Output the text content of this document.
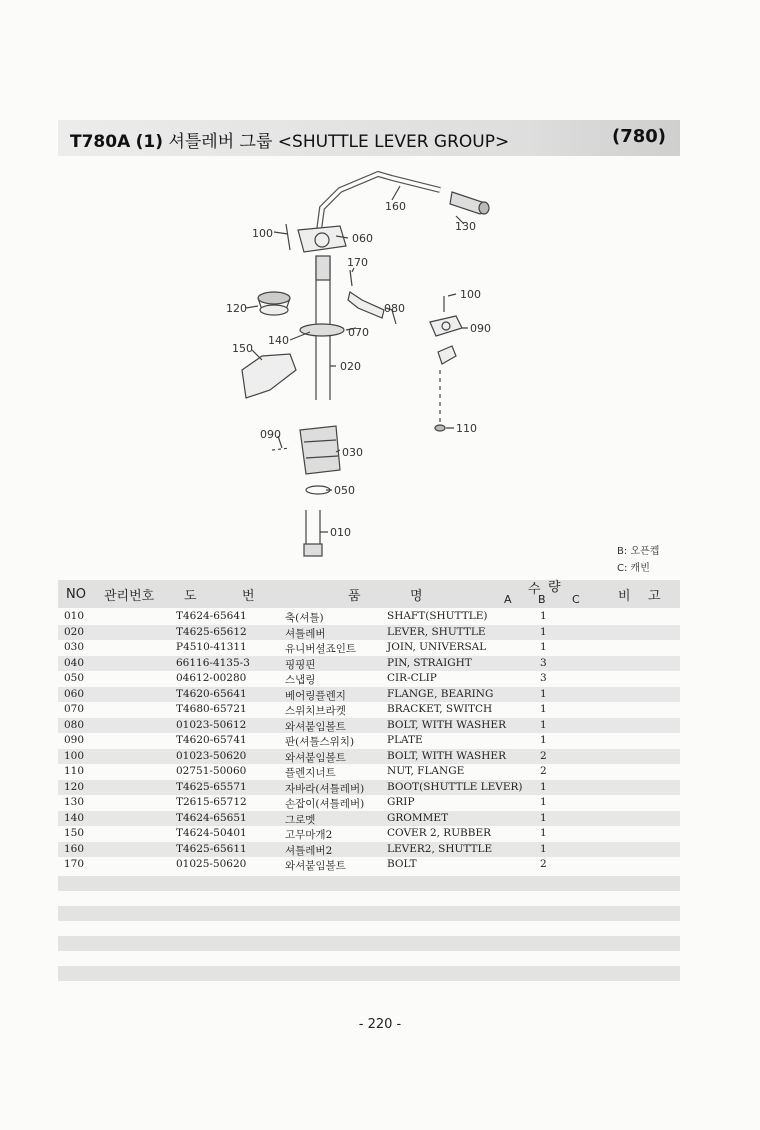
T780A (1) 셔틀레버 그룹 <SHUTTLE LEVER GROUP>	(780)
160
130
100	060
170
120	080
070
100
090
140
150
020
090
030
110
050
010
B: 오픈켑
C: 캐빈
NO 관리번호 도	번	품	명	수 량
A B C	비 고
010	T4624-65641	축(셔틀)	SHAFT(SHUTTLE)	1
020	T4625-65612	셔틀레버	LEVER, SHUTTLE	1
030	P4510-41311	유니버셜죠인트	JOIN, UNIVERSAL	1
040	66116-4135-3	핑핑핀	PIN, STRAIGHT	3
050	04612-00280	스냅링	CIR-CLIP	3
060	T4620-65641	베어링플렌지	FLANGE, BEARING	1
070	T4680-65721	스위치브라켓	BRACKET, SWITCH	1
080	01023-50612	와셔붙임볼트	BOLT, WITH WASHER	1
090	T4620-65741	판(셔틀스위치)	PLATE	1
100	01023-50620	와셔붙임볼트	BOLT, WITH WASHER	2
110	02751-50060	플렌지너트	NUT, FLANGE	2
120	T4625-65571	자바라(셔틀레버) BOOT(SHUTTLE LEVER) 1
130	T2615-65712	손잡이(셔틀레버) GRIP	1
140	T4624-65651	그로멧	GROMMET	1
150	T4624-50401	고무마개2	COVER 2, RUBBER	1
160	T4625-65611	셔틀레버2	LEVER2, SHUTTLE	1
170	01025-50620	와셔붙임볼트	BOLT	2
- 220 -
